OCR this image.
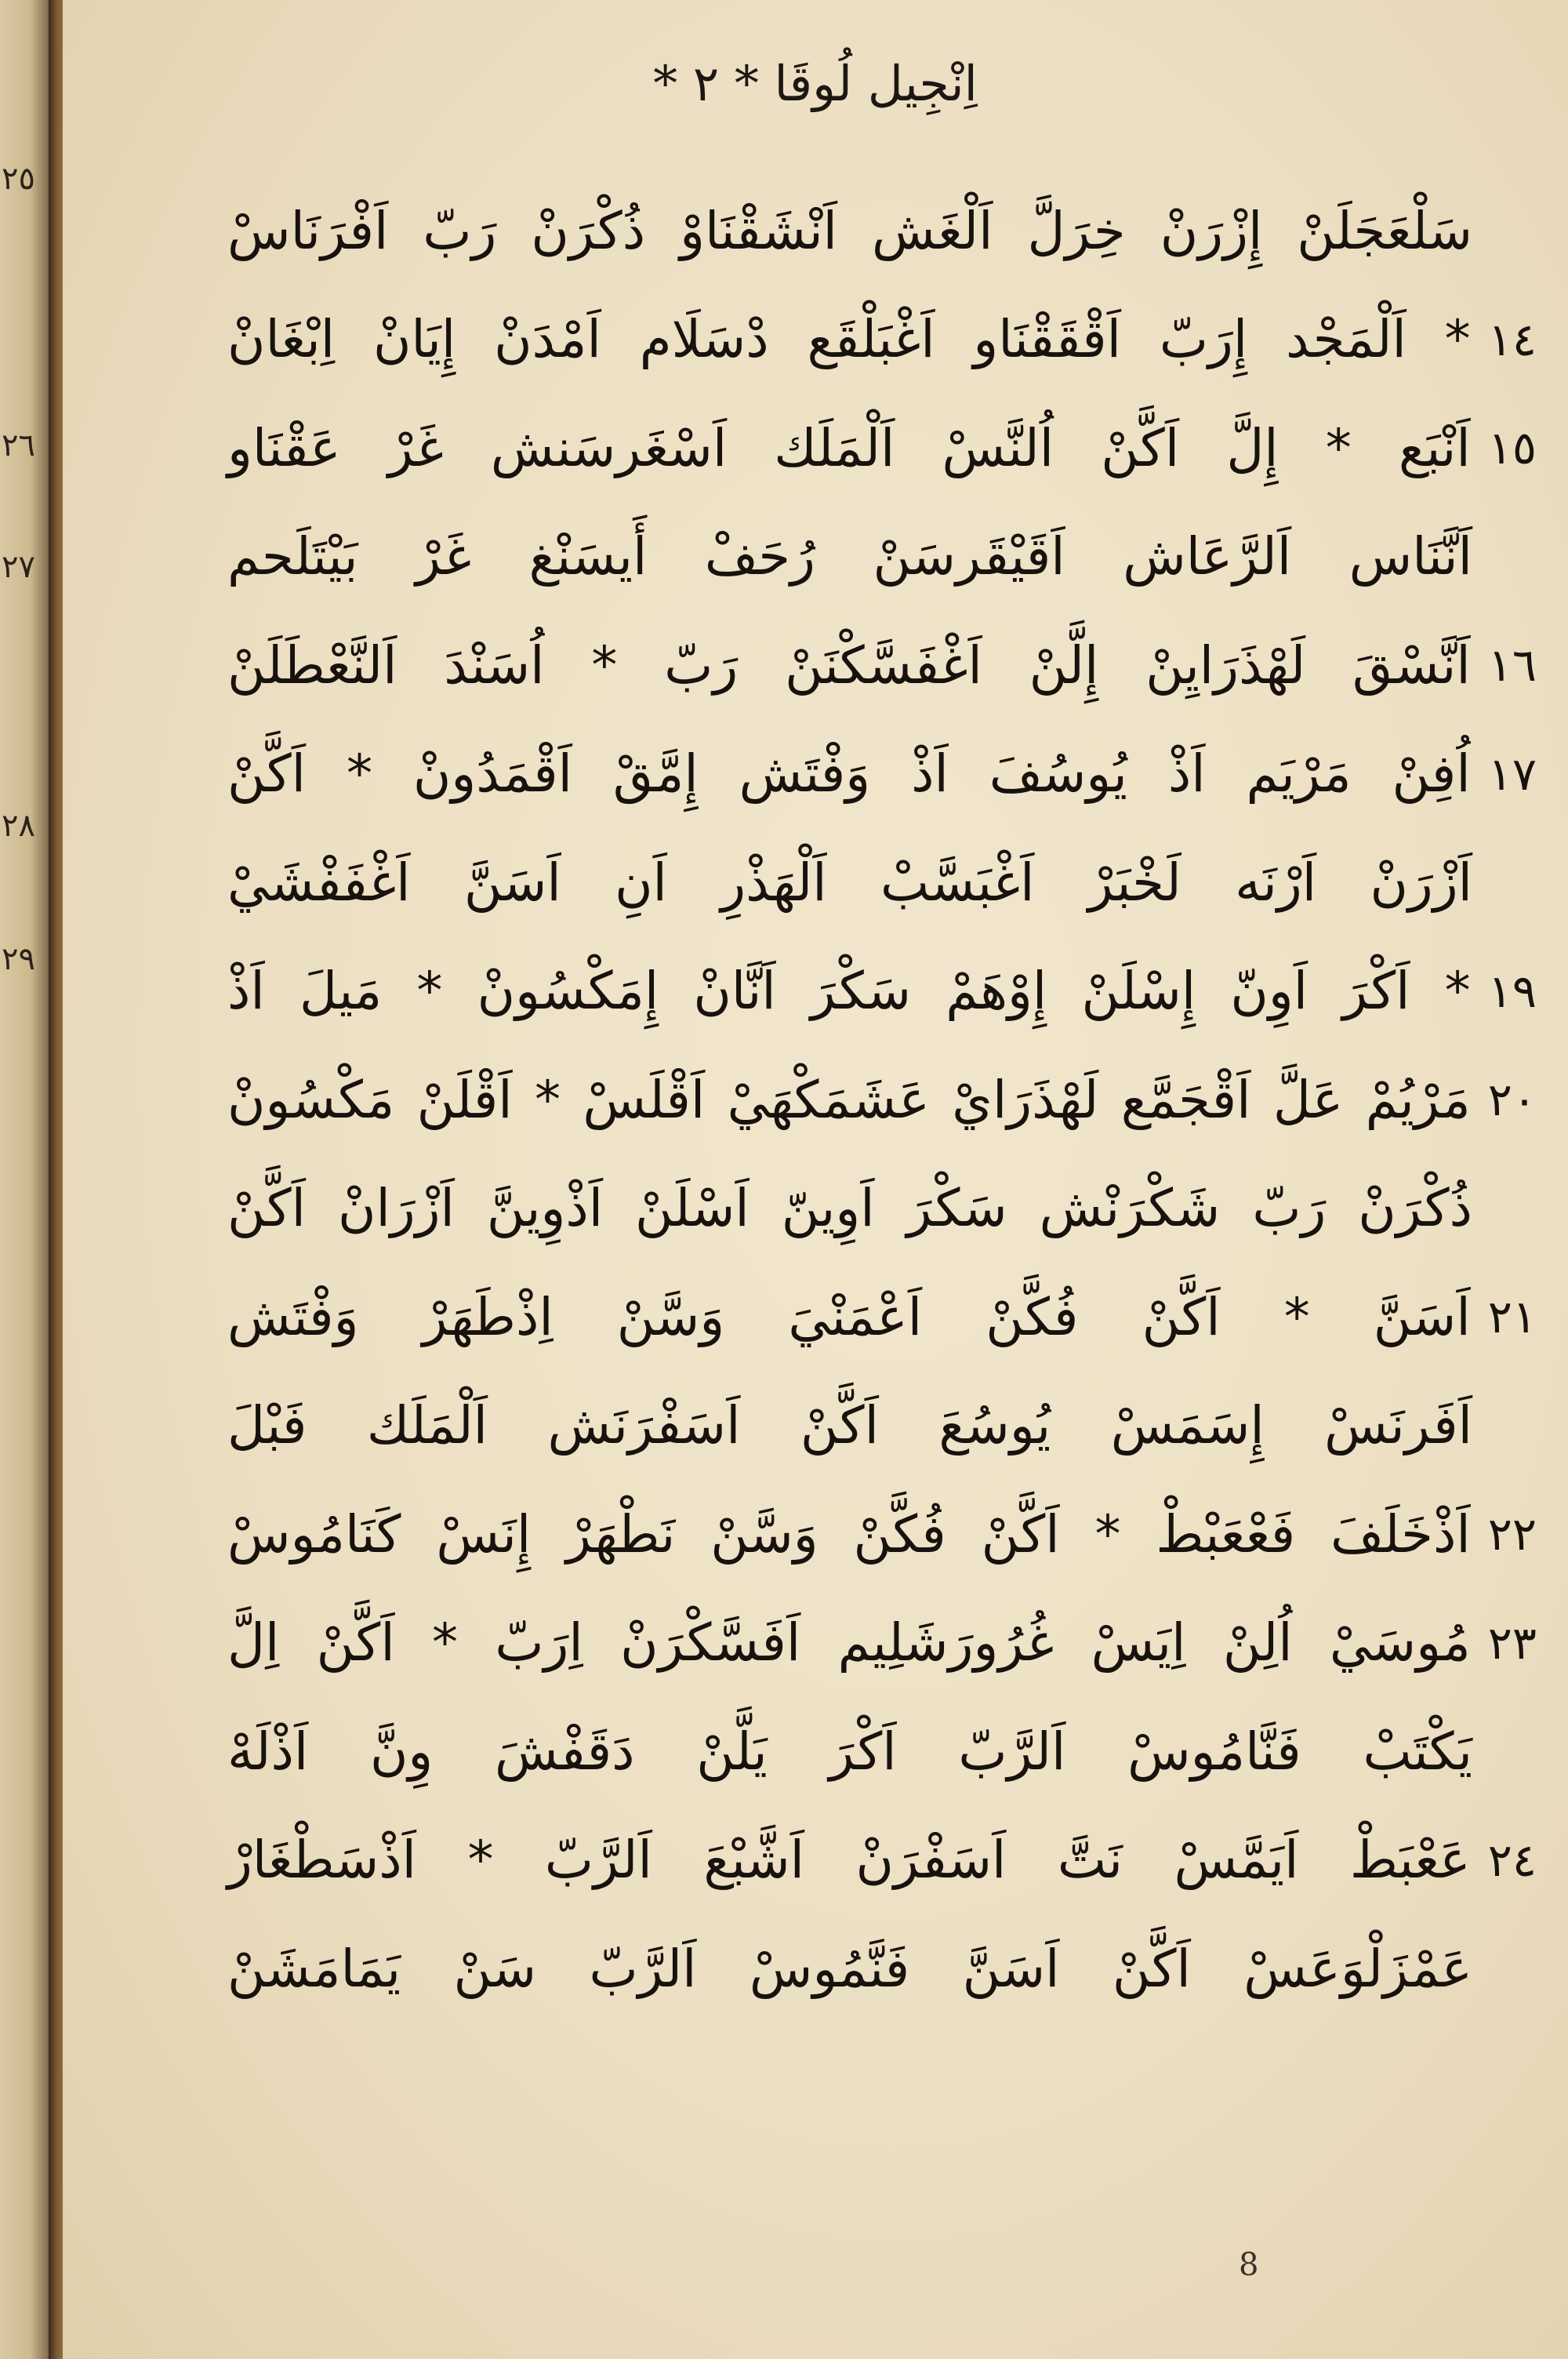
٢٥
٢٦
٢٧
٢٨
٢٩
اِنْجِيل لُوقَا * ٢ *
سَلْعَجَلَنْ إِزْرَنْ خِرَلَّ اَلْغَش اَنْشَقْنَاوْ ذُكْرَنْ رَبّ اَفْرَنَاسْ
١٤
* اَلْمَجْد إِرَبّ اَقْقَقْنَاو اَغْبَلْقَع دْسَلَام اَمْدَنْ إِيَانْ اِبْغَانْ
١٥
اَنْبَع * إِلَّ اَكَّنْ اُلنَّسْ اَلْمَلَك اَسْغَرسَنش غَرْ عَقْنَاو
اَنَّنَاس اَلرَّعَاش اَقَيْقَرسَنْ رُحَفْ أَيسَنْغ غَرْ بَيْتَلَحم
١٦
اَنَّسْقَ لَهْذَرَايِنْ إِلَّنْ اَغْفَسَّكْنَنْ رَبّ * اُسَنْدَ اَلنَّعْطَلَنْ
١٧
اُفِنْ مَرْيَم اَذْ يُوسُفَ اَذْ وَفْتَش إِمَّقْ اَقْمَدُونْ * اَكَّنْ
اَزْرَنْ اَرْنَه لَخْبَرْ اَغْبَسَّبْ اَلْهَذْرِ اَنِ اَسَنَّ اَغْفَفْشَيْ
١٩
* اَكْرَ اَوِنّ إِسْلَنْ إِوْهَمْ سَكْرَ اَنَّانْ إِمَكْسُونْ * مَيلَ اَذْ
٢٠
مَرْيُمْ عَلَّ اَقْجَمَّع لَهْذَرَايْ عَشَمَكْهَيْ اَقْلَسْ * اَقْلَنْ مَكْسُونْ
ذُكْرَنْ رَبّ شَكْرَنْش سَكْرَ اَوِينّ اَسْلَنْ اَذْوِينَّ اَزْرَانْ اَكَّنْ
٢١
اَسَنَّ * اَكَّنْ فُكَّنْ اَعْمَنْيَ وَسَّنْ اِذْطَهَرْ وَفْتَش
اَفَرنَسْ إِسَمَسْ يُوسُعَ اَكَّنْ اَسَفْرَنَش اَلْمَلَك فَبْلَ
٢٢
اَذْخَلَفَ فَعْعَبْطْ * اَكَّنْ فُكَّنْ وَسَّنْ نَطْهَرْ إِنَسْ كَنَامُوسْ
٢٣
مُوسَيْ اُلِنْ اِيَسْ غُرُورَشَلِيم اَفَسَّكْرَنْ اِرَبّ * اَكَّنْ اِلَّ
يَكْتَبْ فَنَّامُوسْ اَلرَّبّ اَكْرَ يَلَّنْ دَقَفْشَ وِنَّ اَذْلَهْ
٢٤
عَعْبَطْ اَيَمَّسْ نَتَّ اَسَفْرَنْ اَشَّبْعَ اَلرَّبّ * اَذْسَطْغَارْ
عَمْزَلْوَعَسْ اَكَّنْ اَسَنَّ فَنَّمُوسْ اَلرَّبّ سَنْ يَمَامَشَنْ
8
